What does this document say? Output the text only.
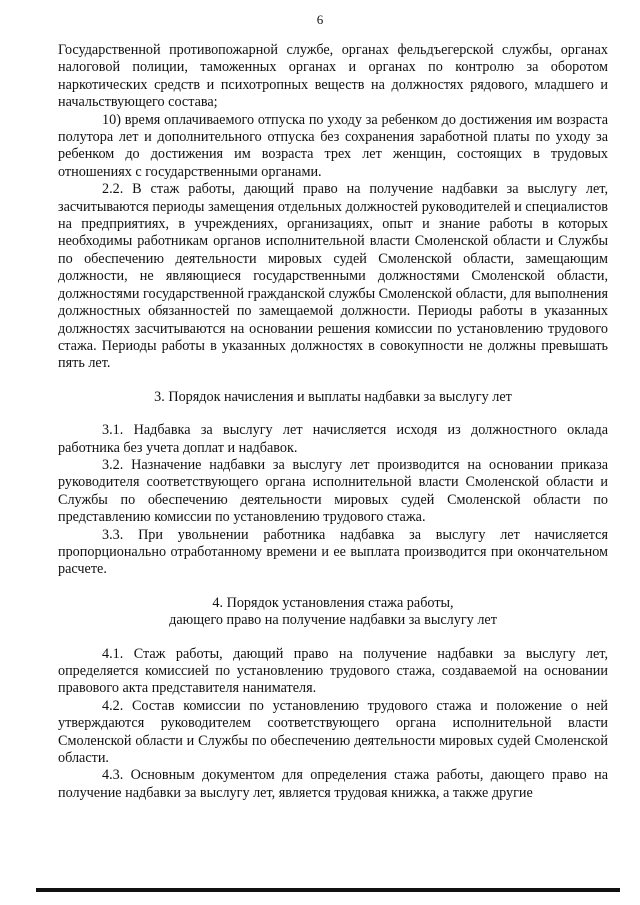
6

Государственной противопожарной службе, органах фельдъегерской службы, органах налоговой полиции, таможенных органах и органах по контролю за оборотом наркотических средств и психотропных веществ на должностях рядового, младшего и начальствующего состава;

10) время оплачиваемого отпуска по уходу за ребенком до достижения им возраста полутора лет и дополнительного отпуска без сохранения заработной платы по уходу за ребенком до достижения им возраста трех лет женщин, состоящих в трудовых отношениях с государственными органами.

2.2. В стаж работы, дающий право на получение надбавки за выслугу лет, засчитываются периоды замещения отдельных должностей руководителей и специалистов на предприятиях, в учреждениях, организациях, опыт и знание работы в которых необходимы работникам органов исполнительной власти Смоленской области и Службы по обеспечению деятельности мировых судей Смоленской области, замещающим должности, не являющиеся государственными должностями Смоленской области, должностями государственной гражданской службы Смоленской области, для выполнения должностных обязанностей по замещаемой должности. Периоды работы в указанных должностях засчитываются на основании решения комиссии по установлению трудового стажа. Периоды работы в указанных должностях в совокупности не должны превышать пять лет.

3. Порядок начисления и выплаты надбавки за выслугу лет

3.1. Надбавка за выслугу лет начисляется исходя из должностного оклада работника без учета доплат и надбавок.

3.2. Назначение надбавки за выслугу лет производится на основании приказа руководителя соответствующего органа исполнительной власти Смоленской области и Службы по обеспечению деятельности мировых судей Смоленской области по представлению комиссии по установлению трудового стажа.

3.3. При увольнении работника надбавка за выслугу лет начисляется пропорционально отработанному времени и ее выплата производится при окончательном расчете.

4. Порядок установления стажа работы,
дающего право на получение надбавки за выслугу лет

4.1. Стаж работы, дающий право на получение надбавки за выслугу лет, определяется комиссией по установлению трудового стажа, создаваемой на основании правового акта представителя нанимателя.

4.2. Состав комиссии по установлению трудового стажа и положение о ней утверждаются руководителем соответствующего органа исполнительной власти Смоленской области и Службы по обеспечению деятельности мировых судей Смоленской области.

4.3. Основным документом для определения стажа работы, дающего право на получение надбавки за выслугу лет, является трудовая книжка, а также другие
